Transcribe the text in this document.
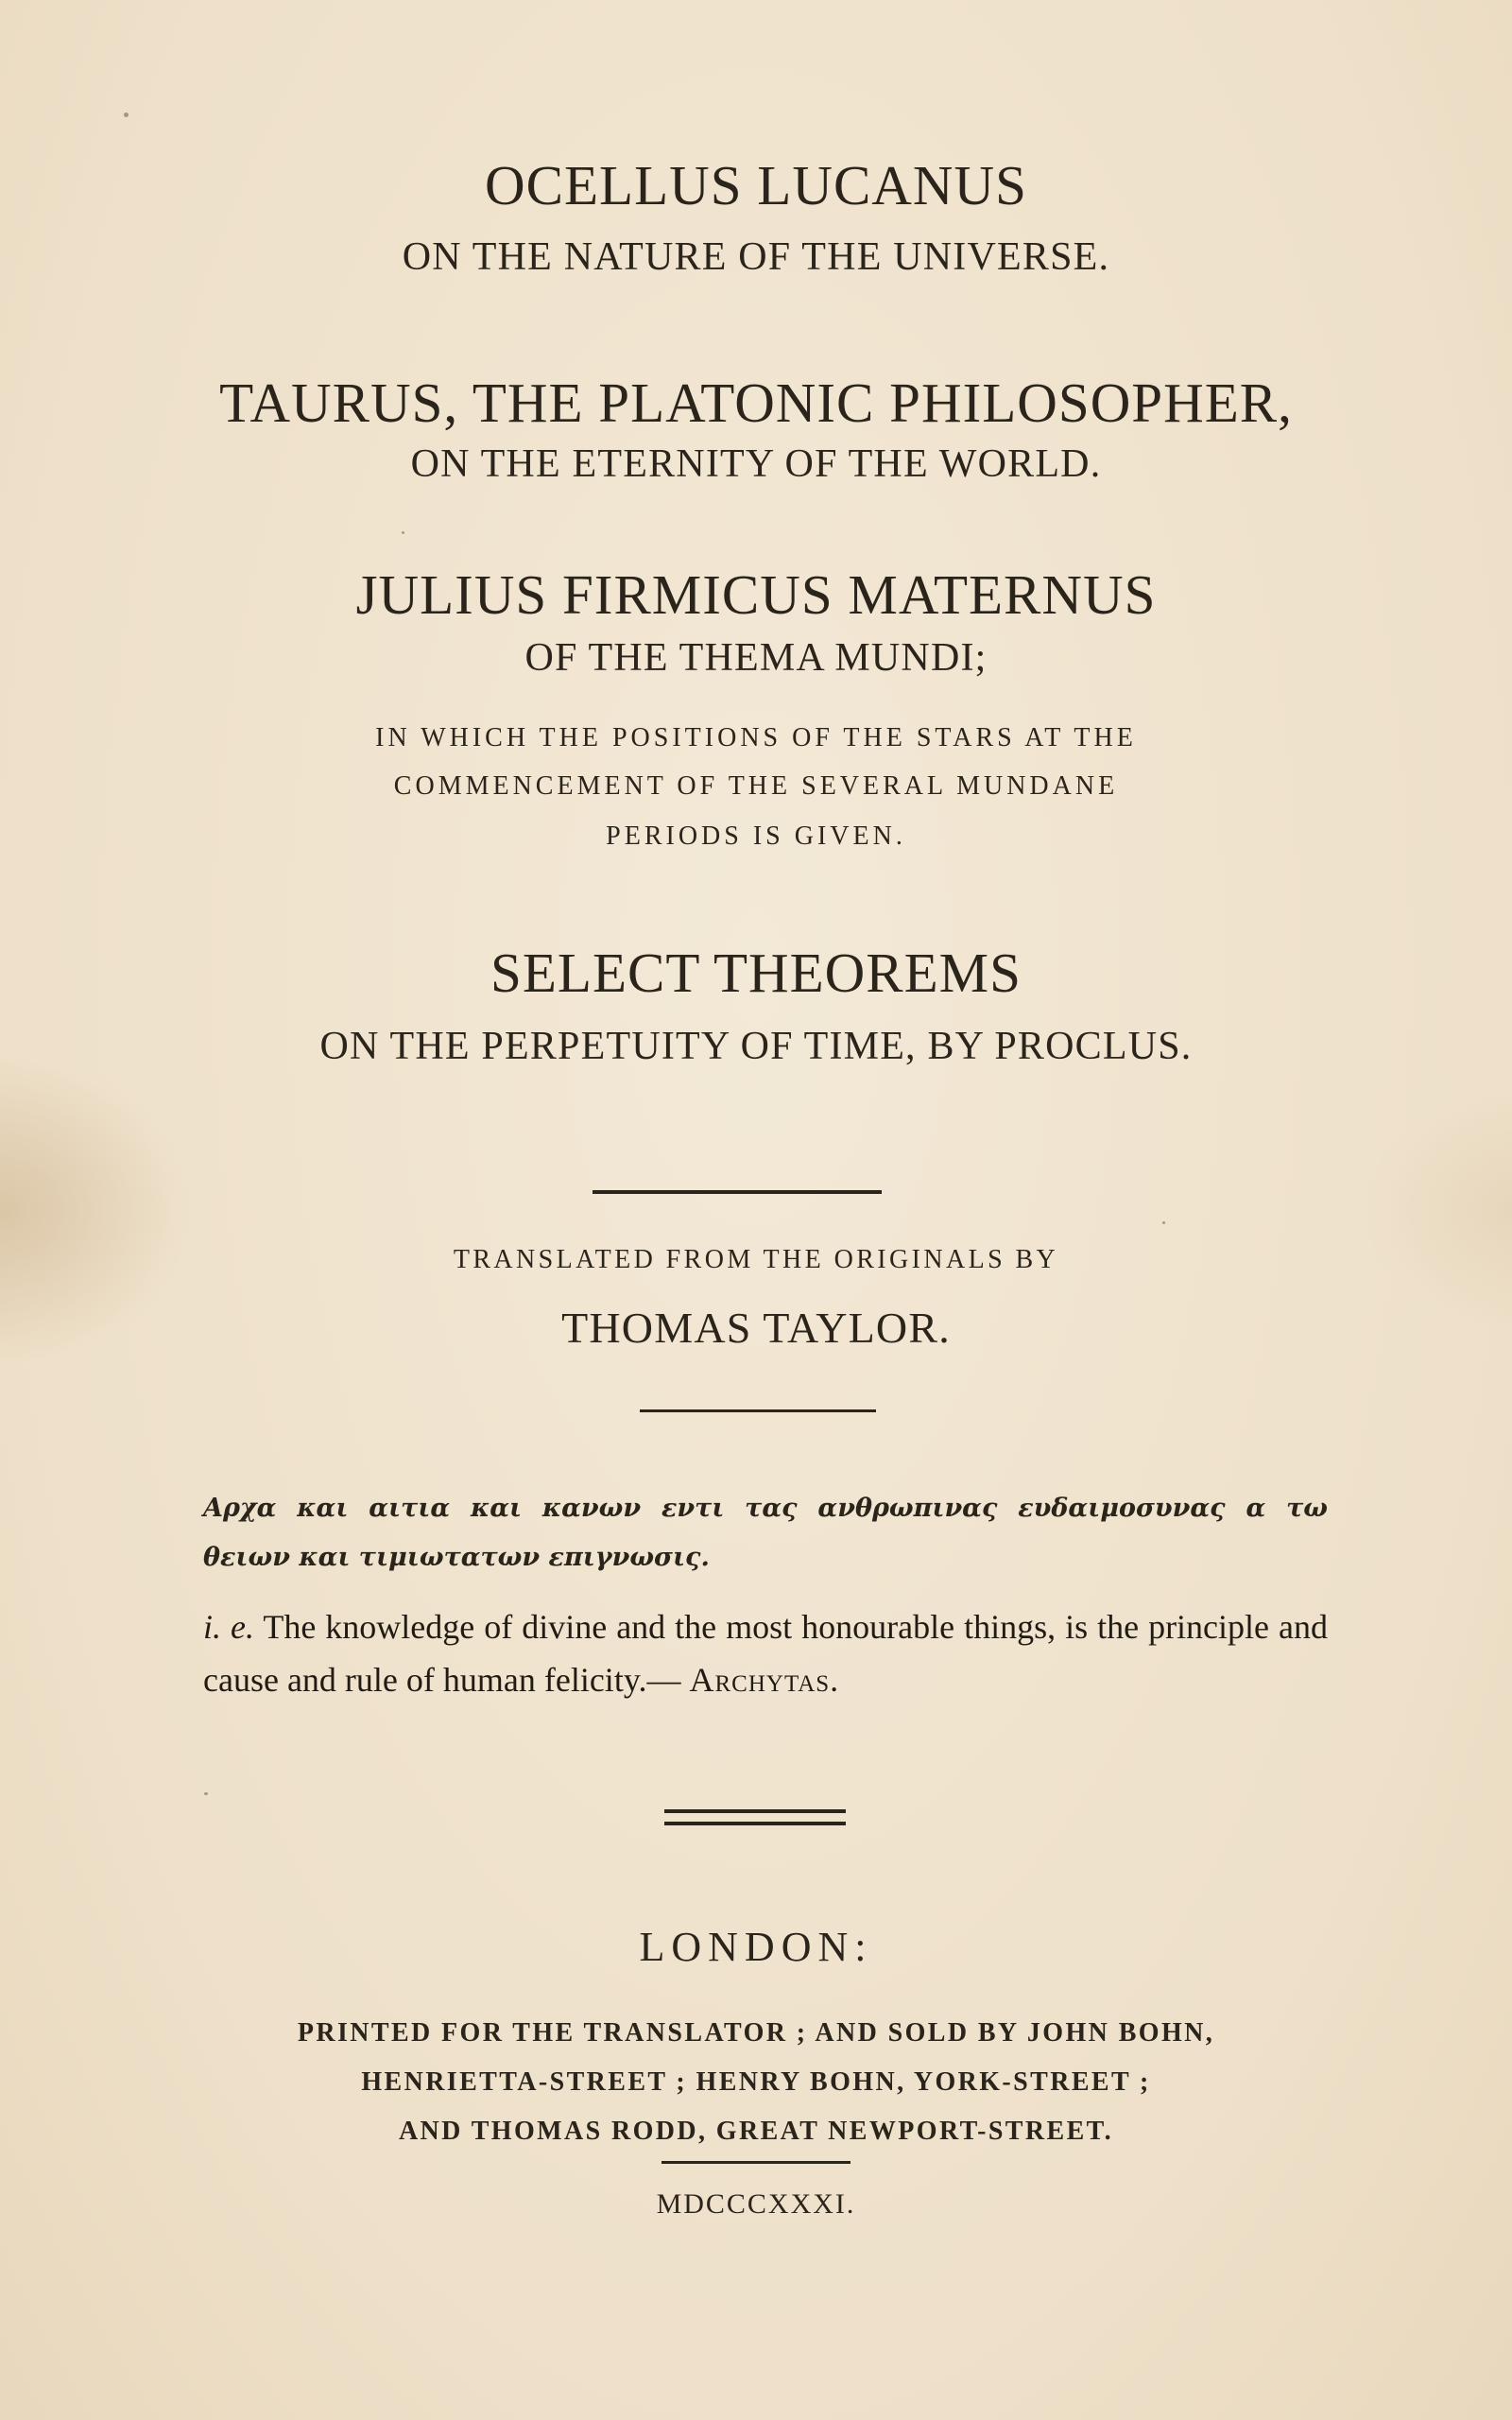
OCELLUS LUCANUS
ON THE NATURE OF THE UNIVERSE.
TAURUS, THE PLATONIC PHILOSOPHER,
ON THE ETERNITY OF THE WORLD.
JULIUS FIRMICUS MATERNUS
OF THE THEMA MUNDI;
IN WHICH THE POSITIONS OF THE STARS AT THE
COMMENCEMENT OF THE SEVERAL MUNDANE
PERIODS IS GIVEN.
SELECT THEOREMS
ON THE PERPETUITY OF TIME, BY PROCLUS.
TRANSLATED FROM THE ORIGINALS BY
THOMAS TAYLOR.
Αρχα και αιτια και κανων εντι τας ανθρωπινας ευδαιμοσυνας α τω
θειων και τιμιωτατων επιγνωσις.
i. e. The knowledge of divine and the most honourable things, is the principle and cause and rule of human felicity.— Archytas.
LONDON:
PRINTED FOR THE TRANSLATOR ; AND SOLD BY JOHN BOHN,
HENRIETTA-STREET ; HENRY BOHN, YORK-STREET ;
AND THOMAS RODD, GREAT NEWPORT-STREET.
MDCCCXXXI.
